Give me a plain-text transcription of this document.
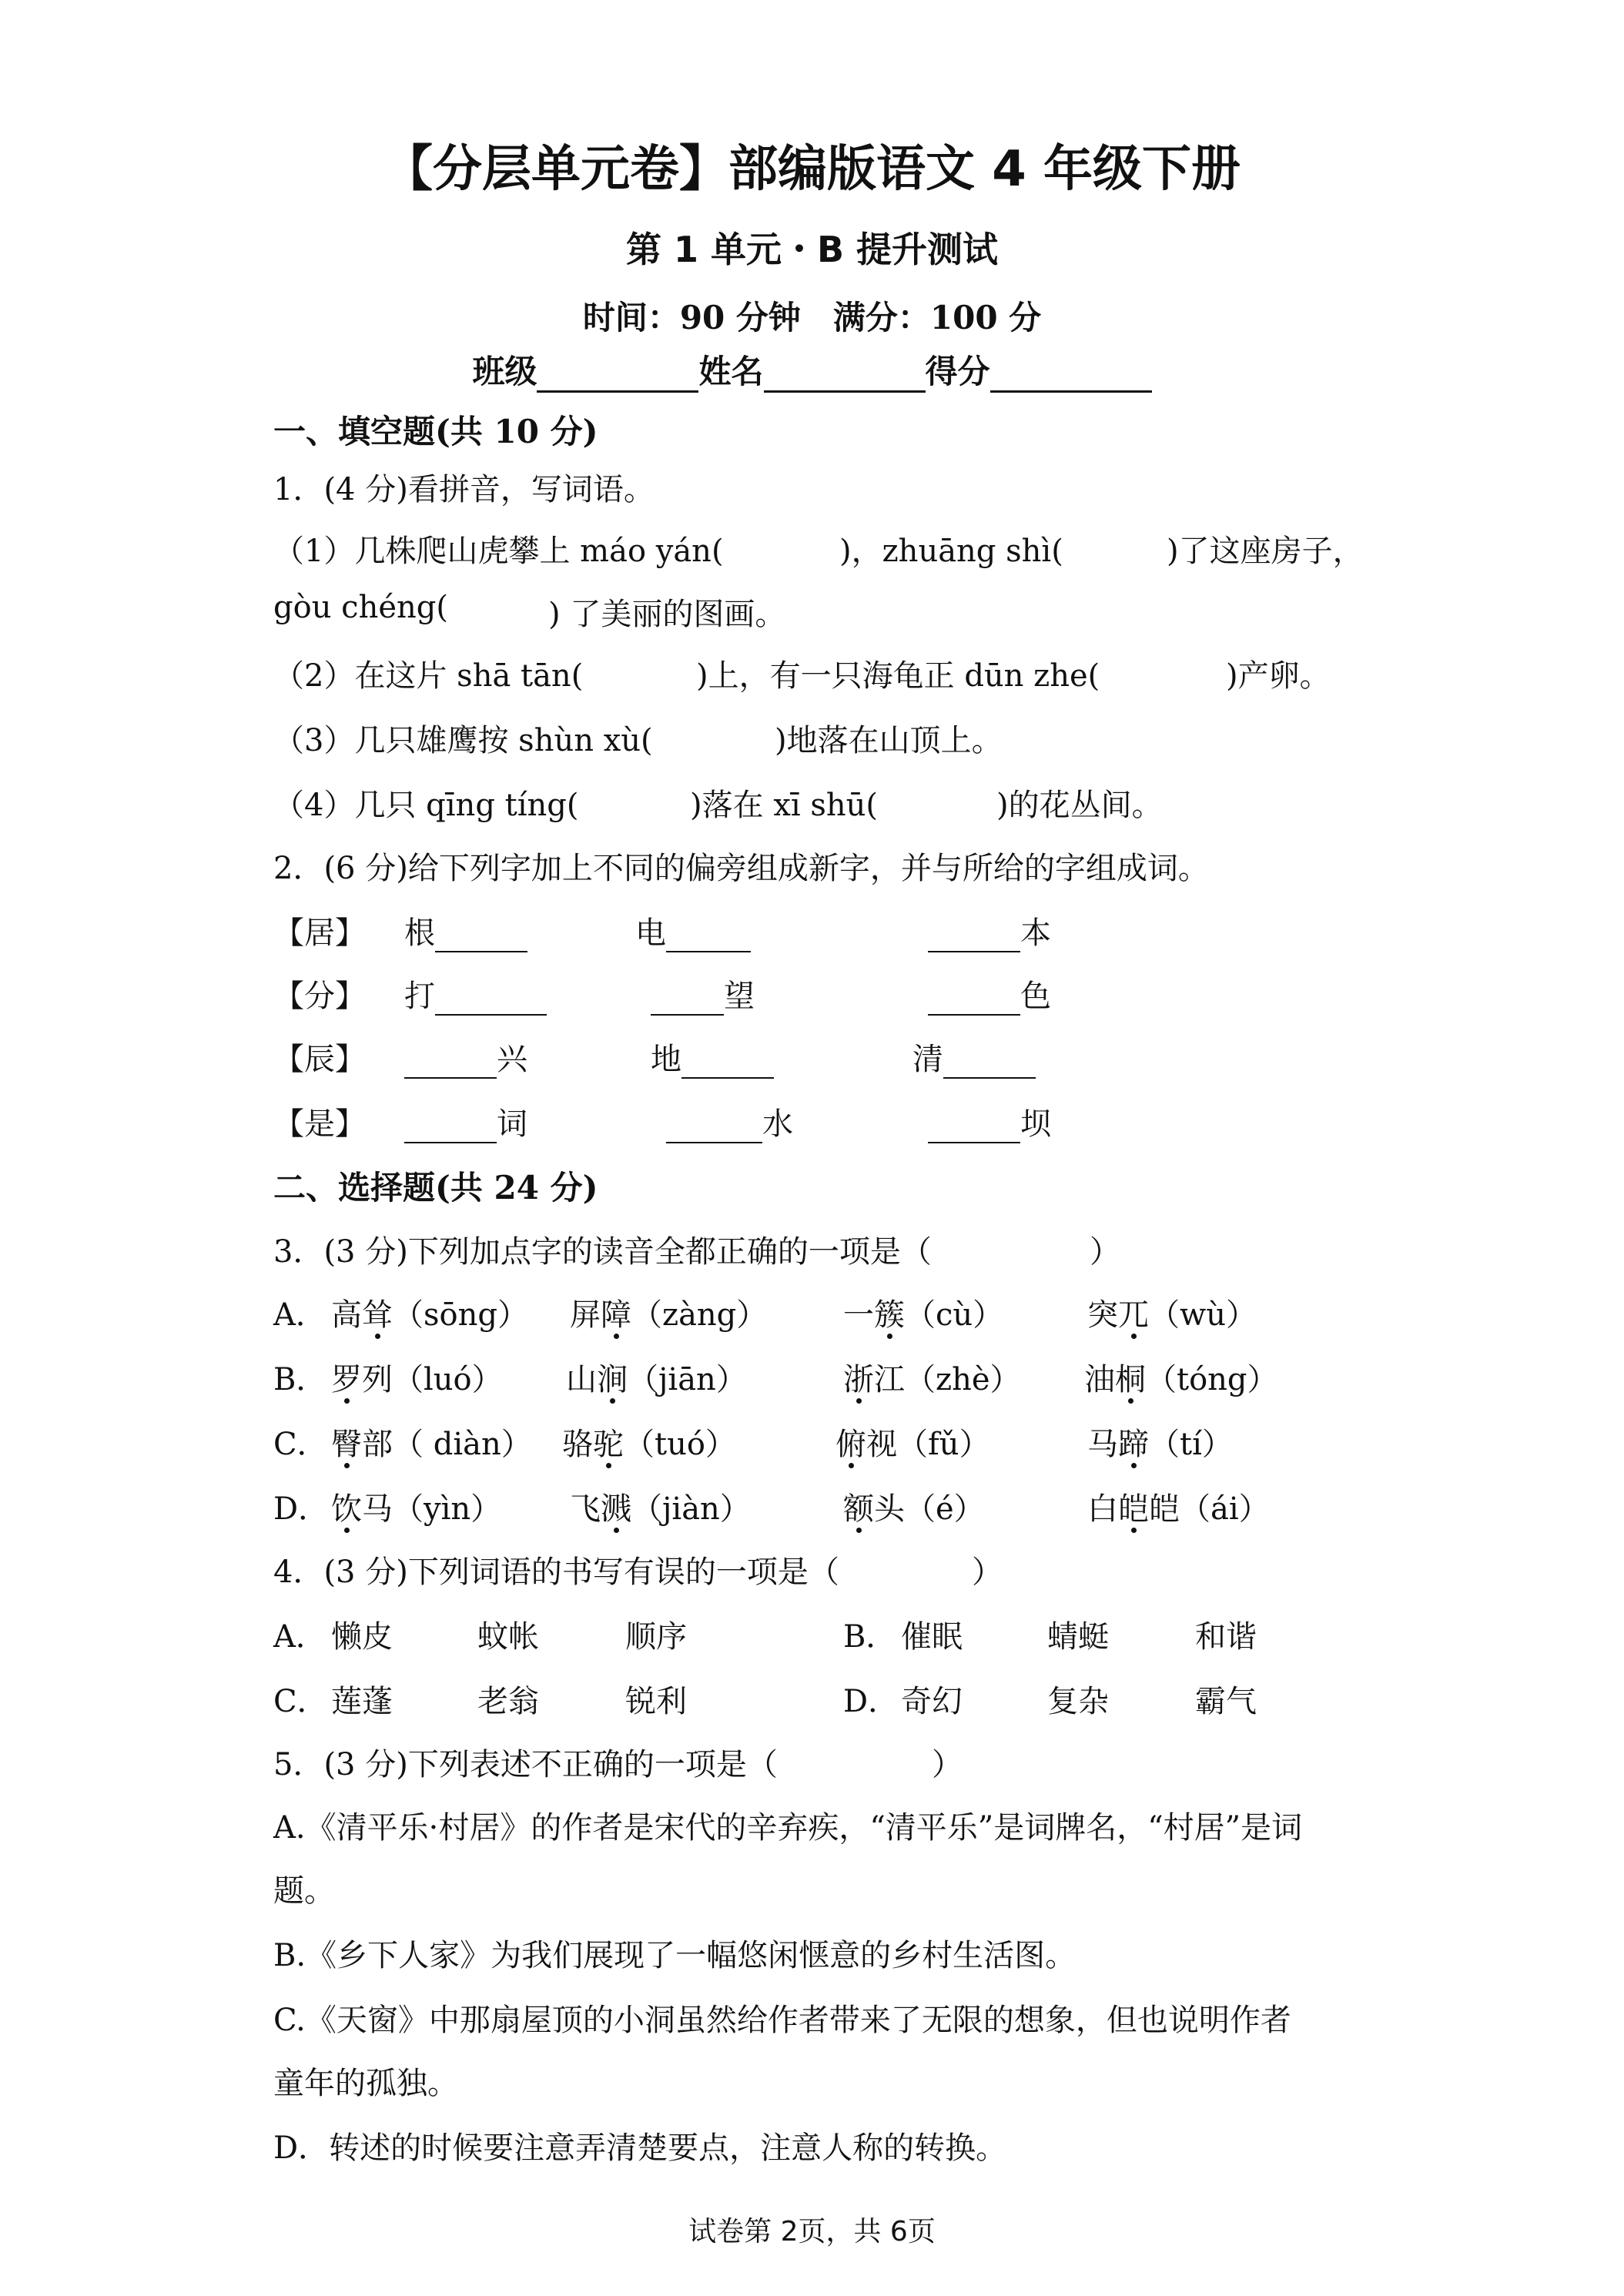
【分层单元卷】部编版语文 4 年级下册
第 1 单元・B 提升测试
时间：90 分钟　满分：100 分
班级	姓名	得分
一、填空题(共 10 分)
1．(4 分)看拼音，写词语。
（1）几株爬山虎攀上 máo yán(	)，zhuāng shì(	)了这座房子，
gòu chéng(	) 了美丽的图画。
（2）在这片 shā tān(	)上，有一只海龟正 dūn zhe(	)产卵。
（3）几只雄鹰按 shùn xù(	)地落在山顶上。
（4）几只 qīng tíng(	)落在 xī shū(	)的花丛间。
2．(6 分)给下列字加上不同的偏旁组成新字，并与所给的字组成词。
【居】 根	电	本
【分】 打	望	色
【辰】	兴	地	清
【是】	词	水	坝
二、选择题(共 24 分)
3．(3 分)下列加点字的读音全都正确的一项是（	）
A． 高耸（sōng） 屏障（zàng） 一簇（cù）	突兀（wù）
B． 罗列（luó） 山涧（jiān）	浙江（zhè） 油桐（tóng）
C． 臀部（ diàn） 骆驼（tuó）	俯视（fǔ）	马蹄（tí）
D． 饮马（yìn） 飞溅（jiàn）	额头（é）	白皑皑（ái）
4．(3 分)下列词语的书写有误的一项是（	）
A． 懒皮	蚊帐	顺序	B． 催眠	蜻蜓	和谐
C． 莲蓬	老翁	锐利	D． 奇幻	复杂	霸气
5．(3 分)下列表述不正确的一项是（	）
A.《清平乐·村居》的作者是宋代的辛弃疾，“清平乐”是词牌名，“村居”是词
题。
B.《乡下人家》为我们展现了一幅悠闲惬意的乡村生活图。
C.《天窗》中那扇屋顶的小洞虽然给作者带来了无限的想象，但也说明作者
童年的孤独。
D．转述的时候要注意弄清楚要点，注意人称的转换。
试卷第 2页，共 6页
